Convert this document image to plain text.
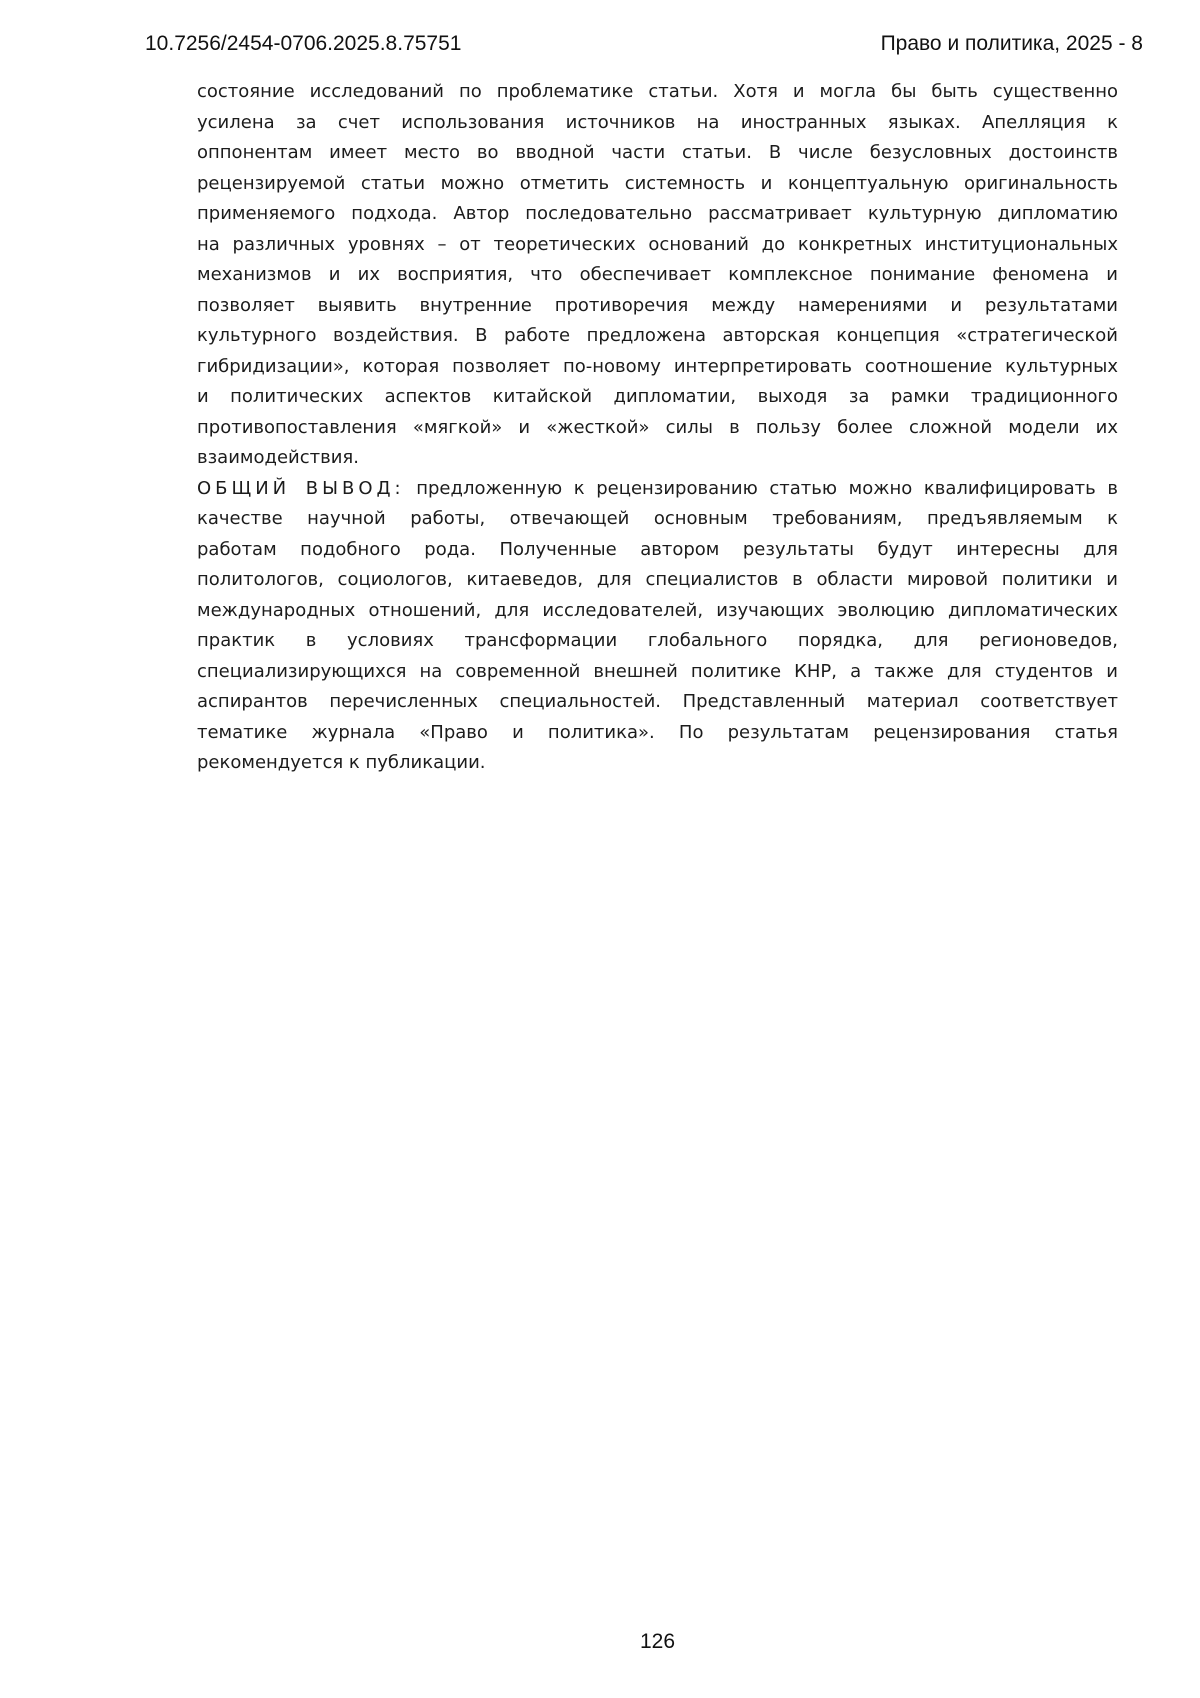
10.7256/2454-0706.2025.8.75751	Право и политика, 2025 - 8
состояние исследований по проблематике статьи. Хотя и могла бы быть существенно
усилена за счет использования источников на иностранных языках. Апелляция к
оппонентам имеет место во вводной части статьи. В числе безусловных достоинств
рецензируемой статьи можно отметить системность и концептуальную оригинальность
применяемого подхода. Автор последовательно рассматривает культурную дипломатию
на различных уровнях – от теоретических оснований до конкретных институциональных
механизмов и их восприятия, что обеспечивает комплексное понимание феномена и
позволяет выявить внутренние противоречия между намерениями и результатами
культурного воздействия. В работе предложена авторская концепция «стратегической
гибридизации», которая позволяет по-новому интерпретировать соотношение культурных
и политических аспектов китайской дипломатии, выходя за рамки традиционного
противопоставления «мягкой» и «жесткой» силы в пользу более сложной модели их
взаимодействия.
ОБЩИЙ ВЫВОД: предложенную к рецензированию статью можно квалифицировать в
качестве научной работы, отвечающей основным требованиям, предъявляемым к
работам подобного рода. Полученные автором результаты будут интересны для
политологов, социологов, китаеведов, для специалистов в области мировой политики и
международных отношений, для исследователей, изучающих эволюцию дипломатических
практик в условиях трансформации глобального порядка, для регионоведов,
специализирующихся на современной внешней политике КНР, а также для студентов и
аспирантов перечисленных специальностей. Представленный материал соответствует
тематике журнала «Право и политика». По результатам рецензирования статья
рекомендуется к публикации.
126
